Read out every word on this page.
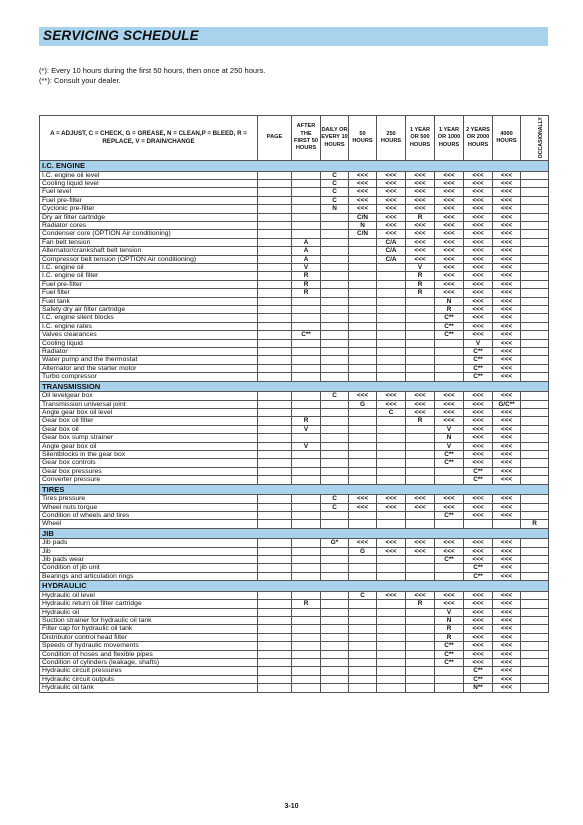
SERVICING SCHEDULE
(*): Every 10 hours during the first 50 hours, then once at 250 hours.
(**): Consult your dealer.
A = ADJUST, C = CHECK, G = GREASE, N = CLEAN,P = BLEED, R = REPLACE, V = DRAIN/CHANGE	PAGE	AFTER THE FIRST 50 HOURS	DAILY OR EVERY 10 HOURS	50 HOURS	250 HOURS	1 YEAR OR 500 HOURS	1 YEAR OR 1000 HOURS	2 YEARS OR 2000 HOURS	4000 HOURS	OCCASIONALLY
I.C. ENGINE										
I.C. engine oil level			C	<<<	<<<	<<<	<<<	<<<	<<<	
Cooling liquid level			C	<<<	<<<	<<<	<<<	<<<	<<<	
Fuel level			C	<<<	<<<	<<<	<<<	<<<	<<<	
Fuel pre-filter			C	<<<	<<<	<<<	<<<	<<<	<<<	
Cyclonic pre-filter			N	<<<	<<<	<<<	<<<	<<<	<<<	
Dry air filter cartridge				C/N	<<<	R	<<<	<<<	<<<	
Radiator cores				N	<<<	<<<	<<<	<<<	<<<	
Condenser core (OPTION Air conditioning)				C/N	<<<	<<<	<<<	<<<	<<<	
Fan belt tension		A			C/A	<<<	<<<	<<<	<<<	
Alternator/crankshaft belt tension		A			C/A	<<<	<<<	<<<	<<<	
Compressor belt tension (OPTION Air conditioning)		A			C/A	<<<	<<<	<<<	<<<	
I.C. engine oil		V				V	<<<	<<<	<<<	
I.C. engine oil filter		R				R	<<<	<<<	<<<	
Fuel pre-filter		R				R	<<<	<<<	<<<	
Fuel filter		R				R	<<<	<<<	<<<	
Fuel tank							N	<<<	<<<	
Safety dry air filter cartridge							R	<<<	<<<	
I.C. engine silent blocks							C**	<<<	<<<	
I.C. engine rates							C**	<<<	<<<	
Valves clearances		C**					C**	<<<	<<<	
Cooling liquid								V	<<<	
Radiator								C**	<<<	
Water pump and the thermostat								C**	<<<	
Alternator and the starter motor								C**	<<<	
Turbo compressor								C**	<<<	
TRANSMISSION										
Oil levelgear box			C	<<<	<<<	<<<	<<<	<<<	<<<	
Transmission universal joint				G	<<<	<<<	<<<	<<<	G/C**	
Angle gear box oil level					C	<<<	<<<	<<<	<<<	
Gear box oil filter		R				R	<<<	<<<	<<<	
Gear box oil		V					V	<<<	<<<	
Gear box sump strainer							N	<<<	<<<	
Angle gear box oil		V					V	<<<	<<<	
Silentblocks in the gear box							C**	<<<	<<<	
Gear box controls							C**	<<<	<<<	
Gear box pressures								C**	<<<	
Converter pressure								C**	<<<	
TIRES										
Tires pressure			C	<<<	<<<	<<<	<<<	<<<	<<<	
Wheel nuts torque			C	<<<	<<<	<<<	<<<	<<<	<<<	
Condition of wheels and tires							C**	<<<	<<<	
Wheel										R
JIB										
Jib pads			G*	<<<	<<<	<<<	<<<	<<<	<<<	
Jib				G	<<<	<<<	<<<	<<<	<<<	
Jib pads wear							C**	<<<	<<<	
Condition of jib unit								C**	<<<	
Bearings and articulation rings								C**	<<<	
HYDRAULIC										
Hydraulic oil level				C	<<<	<<<	<<<	<<<	<<<	
Hydraulic return oil filter cartridge		R				R	<<<	<<<	<<<	
Hydraulic oil							V	<<<	<<<	
Suction strainer for hydraulic oil tank							N	<<<	<<<	
Filter cap for hydraulic oil tank							R	<<<	<<<	
Distributor control head filter							R	<<<	<<<	
Speeds of hydraulic movements							C**	<<<	<<<	
Condition of hoses and flexible pipes							C**	<<<	<<<	
Condition of cylinders (leakage, shafts)							C**	<<<	<<<	
Hydraulic circuit pressures								C**	<<<	
Hydraulic circuit outputs								C**	<<<	
Hydraulic oil tank								N**	<<<	
3-10
